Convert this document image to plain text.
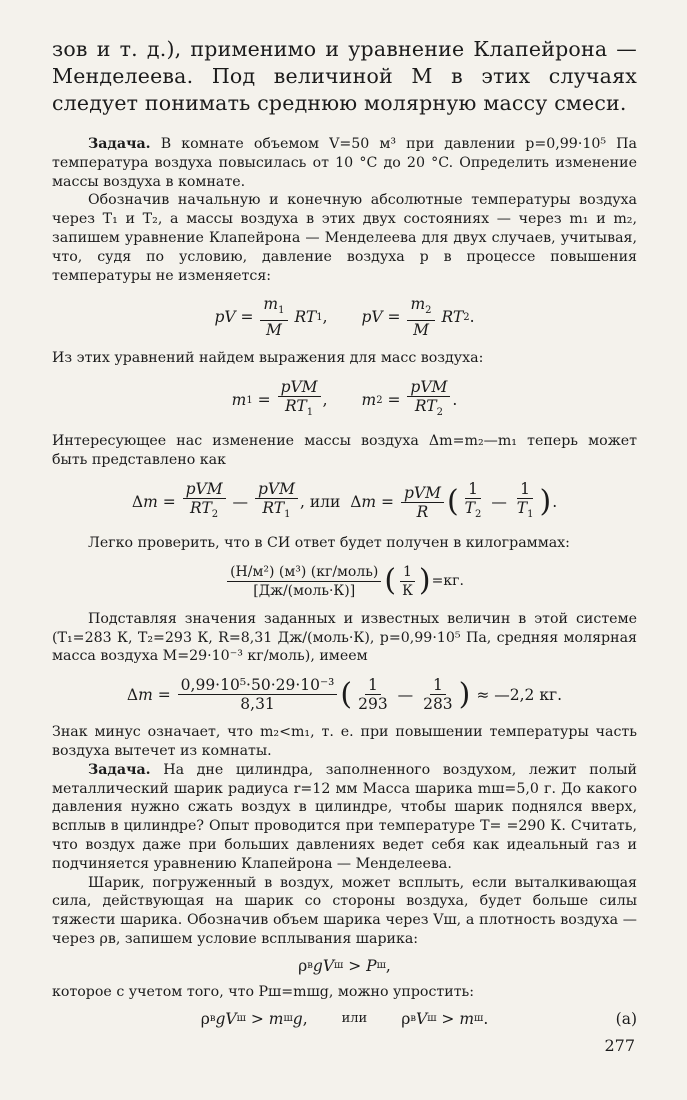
зов и т. д.), применимо и уравнение Клапейрона — Менделеева. Под величиной M в этих случаях следует понимать среднюю молярную массу смеси.

Задача. В комнате объемом V=50 м³ при давлении p=0,99·10⁵ Па температура воздуха повысилась от 10 °C до 20 °C. Определить изменение массы воздуха в комнате.

Обозначив начальную и конечную абсолютные температуры воздуха через T₁ и T₂, а массы воздуха в этих двух состояниях — через m₁ и m₂, запишем уравнение Клапейрона — Менделеева для двух случаев, учитывая, что, судя по условию, давление воздуха p в процессе повышения температуры не изменяется:

pV = $\frac{m_1}{M}$
RT 1 , pV = $\frac{m_2}{M}$
RT 2 .

Из этих уравнений найдем выражения для масс воздуха:

m $1 = \frac{\text{pVM}}{RT_1}$ , m $2 = \frac{\text{pVM}}{RT_2}$ .

Интересующее нас изменение массы воздуха Δm=m₂—m₁ теперь может быть представлено как

Δ $m = \frac{\text{pVM}}{RT_2}$ — $\frac{\text{pVM}}{RT_1}$ , или Δ $m = \frac{\text{pVM}}{R}$ ( $\frac{1}{T_2}$ — $\frac{1}{T_1}$ ) .

Легко проверить, что в СИ ответ будет получен в килограммах:

$\frac{\text{(Н/м²) (м³) (кг/моль)}}{\text{[Дж/(моль·К)]}}$ ( $\frac{1}{К}$ ) =кг.

Подставляя значения заданных и известных величин в этой системе (T₁=283 К, T₂=293 К, R=8,31 Дж/(моль·К), p=0,99·10⁵ Па, средняя молярная масса воздуха M=29·10⁻³ кг/моль), имеем

Δ $m = \frac{\text{0,99·10⁵·50·29·10⁻³}}{8,31}$ ( $\frac{1}{293}$ — $\frac{1}{283}$ )
≈ —2,2 кг.

Знак минус означает, что m₂<m₁, т. е. при повышении температуры часть воздуха вытечет из комнаты.

Задача. На дне цилиндра, заполненного воздухом, лежит полый металлический шарик радиуса r=12 мм Масса шарика mш=5,0 г. До какого давления нужно сжать воздух в цилиндре, чтобы шарик поднялся вверх, всплыв в цилиндре? Опыт проводится при температуре T= =290 К. Считать, что воздух даже при больших давлениях ведет себя как идеальный газ и подчиняется уравнению Клапейрона — Менделеева.

Шарик, погруженный в воздух, может всплыть, если выталкивающая сила, действующая на шарик со стороны воздуха, будет больше силы тяжести шарика. Обозначив объем шарика через Vш, а плотность воздуха — через ρв, запишем условие всплывания шарика:

ρ в gV ш > P ш ,

которое с учетом того, что Pш=mшg, можно упростить:

ρ в gV ш > m ш g ,	или ρ в V ш > m ш .	(а)
277
